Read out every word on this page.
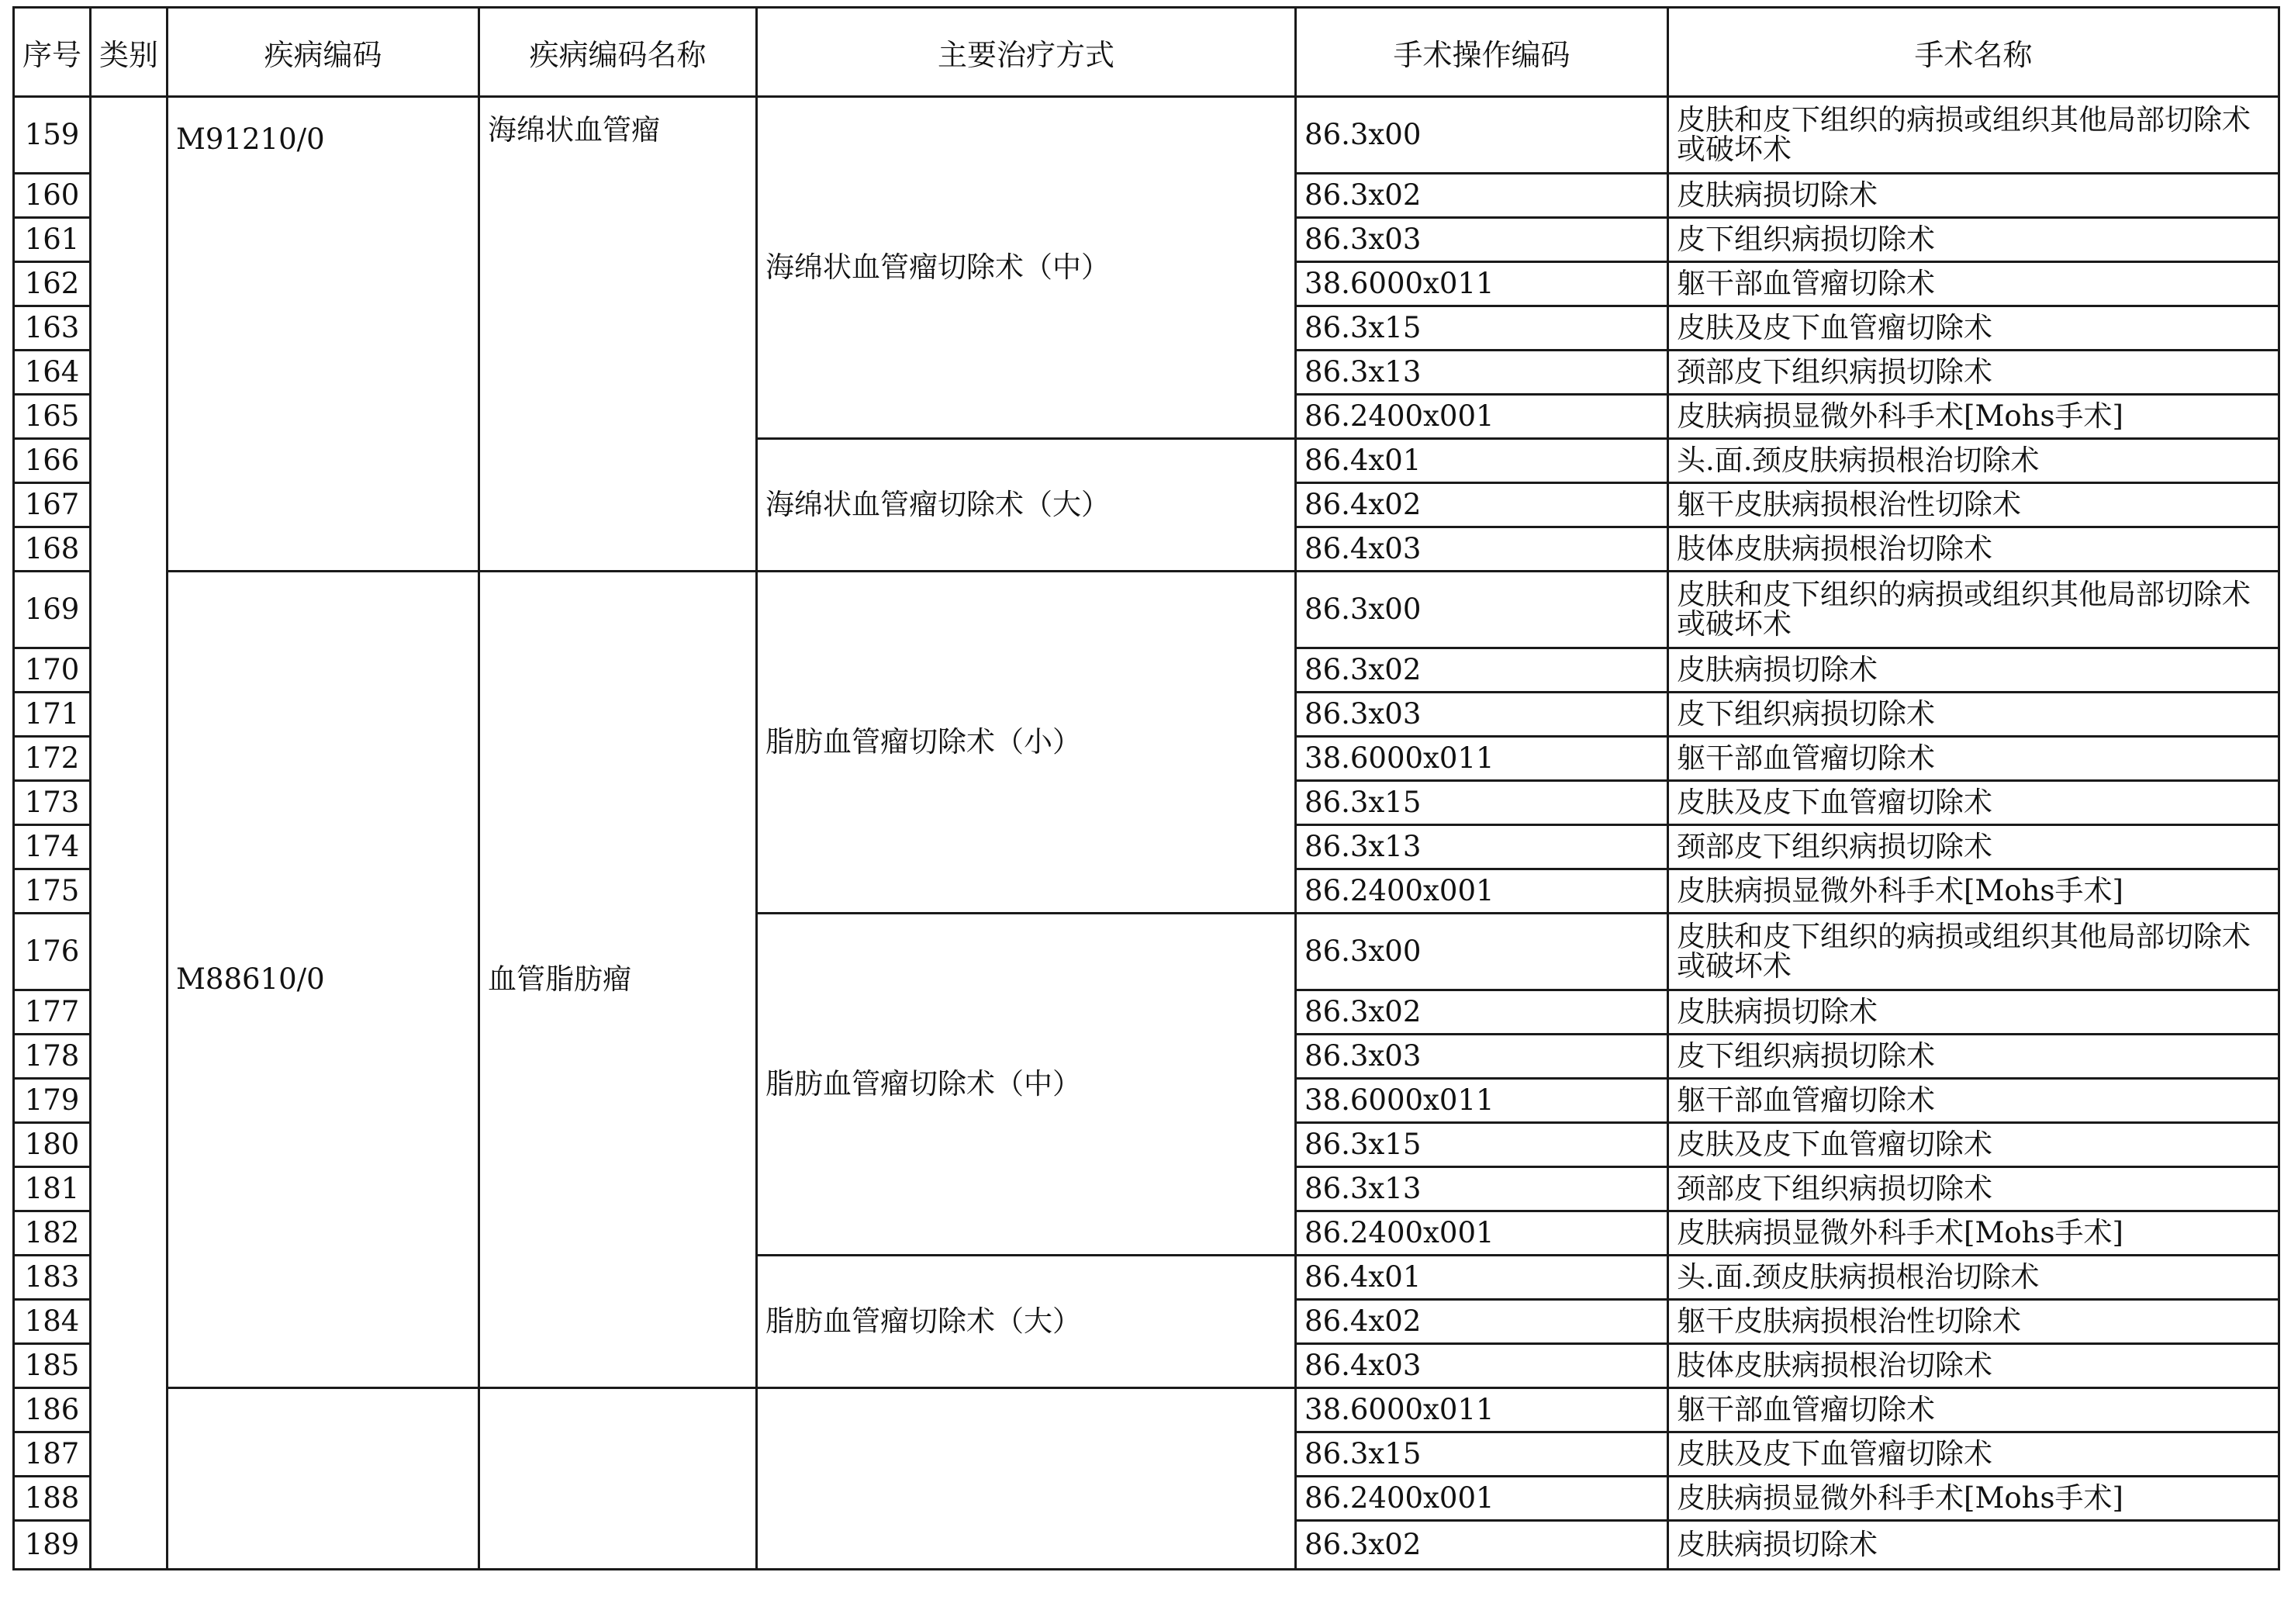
序号	类别	疾病编码	疾病编码名称	主要治疗方式	手术操作编码	手术名称
159		M91210/0	海绵状血管瘤	海绵状血管瘤切除术（中）	86.3x00	皮肤和皮下组织的病损或组织其他局部切除术或破坏术
160					86.3x02	皮肤病损切除术
161					86.3x03	皮下组织病损切除术
162					38.6000x011	躯干部血管瘤切除术
163					86.3x15	皮肤及皮下血管瘤切除术
164					86.3x13	颈部皮下组织病损切除术
165					86.2400x001	皮肤病损显微外科手术[Mohs手术]
166				海绵状血管瘤切除术（大）	86.4x01	头.面.颈皮肤病损根治切除术
167					86.4x02	躯干皮肤病损根治性切除术
168					86.4x03	肢体皮肤病损根治切除术
169		M88610/0	血管脂肪瘤	脂肪血管瘤切除术（小）	86.3x00	皮肤和皮下组织的病损或组织其他局部切除术或破坏术
170					86.3x02	皮肤病损切除术
171					86.3x03	皮下组织病损切除术
172					38.6000x011	躯干部血管瘤切除术
173					86.3x15	皮肤及皮下血管瘤切除术
174					86.3x13	颈部皮下组织病损切除术
175					86.2400x001	皮肤病损显微外科手术[Mohs手术]
176				脂肪血管瘤切除术（中）	86.3x00	皮肤和皮下组织的病损或组织其他局部切除术或破坏术
177					86.3x02	皮肤病损切除术
178					86.3x03	皮下组织病损切除术
179					38.6000x011	躯干部血管瘤切除术
180					86.3x15	皮肤及皮下血管瘤切除术
181					86.3x13	颈部皮下组织病损切除术
182					86.2400x001	皮肤病损显微外科手术[Mohs手术]
183				脂肪血管瘤切除术（大）	86.4x01	头.面.颈皮肤病损根治切除术
184					86.4x02	躯干皮肤病损根治性切除术
185					86.4x03	肢体皮肤病损根治切除术
186					38.6000x011	躯干部血管瘤切除术
187					86.3x15	皮肤及皮下血管瘤切除术
188					86.2400x001	皮肤病损显微外科手术[Mohs手术]
189					86.3x02	皮肤病损切除术
